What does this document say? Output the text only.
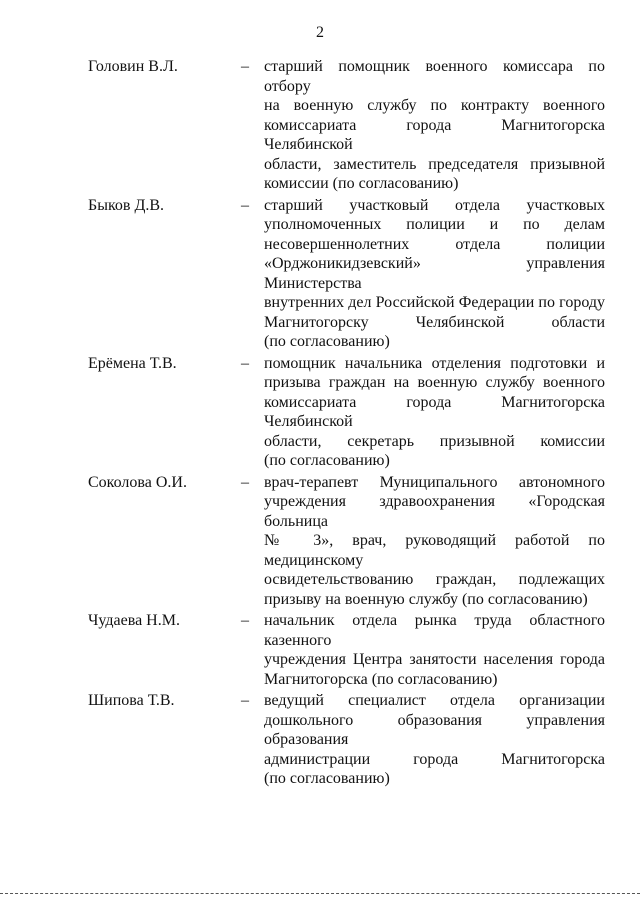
2
Головин В.Л.	– старший помощник военного комиссара по отбору
на военную службу по контракту военного
комиссариата города Магнитогорска Челябинской
области, заместитель председателя призывной
комиссии (по согласованию)
Быков Д.В.	– старший участковый отдела участковых
уполномоченных полиции и по делам
несовершеннолетних отдела полиции
«Орджоникидзевский» управления Министерства
внутренних дел Российской Федерации по городу
Магнитогорску Челябинской области
(по согласованию)
Ерёмена Т.В.	– помощник начальника отделения подготовки и
призыва граждан на военную службу военного
комиссариата города Магнитогорска Челябинской
области, секретарь призывной комиссии
(по согласованию)
Соколова О.И.	– врач-терапевт Муниципального автономного
учреждения здравоохранения «Городская больница
№ 3», врач, руководящий работой по медицинскому
освидетельствованию граждан, подлежащих
призыву на военную службу (по согласованию)
Чудаева Н.М.	– начальник отдела рынка труда областного казенного
учреждения Центра занятости населения города
Магнитогорска (по согласованию)
Шипова Т.В.	– ведущий специалист отдела организации
дошкольного образования управления образования
администрации города Магнитогорска
(по согласованию)
